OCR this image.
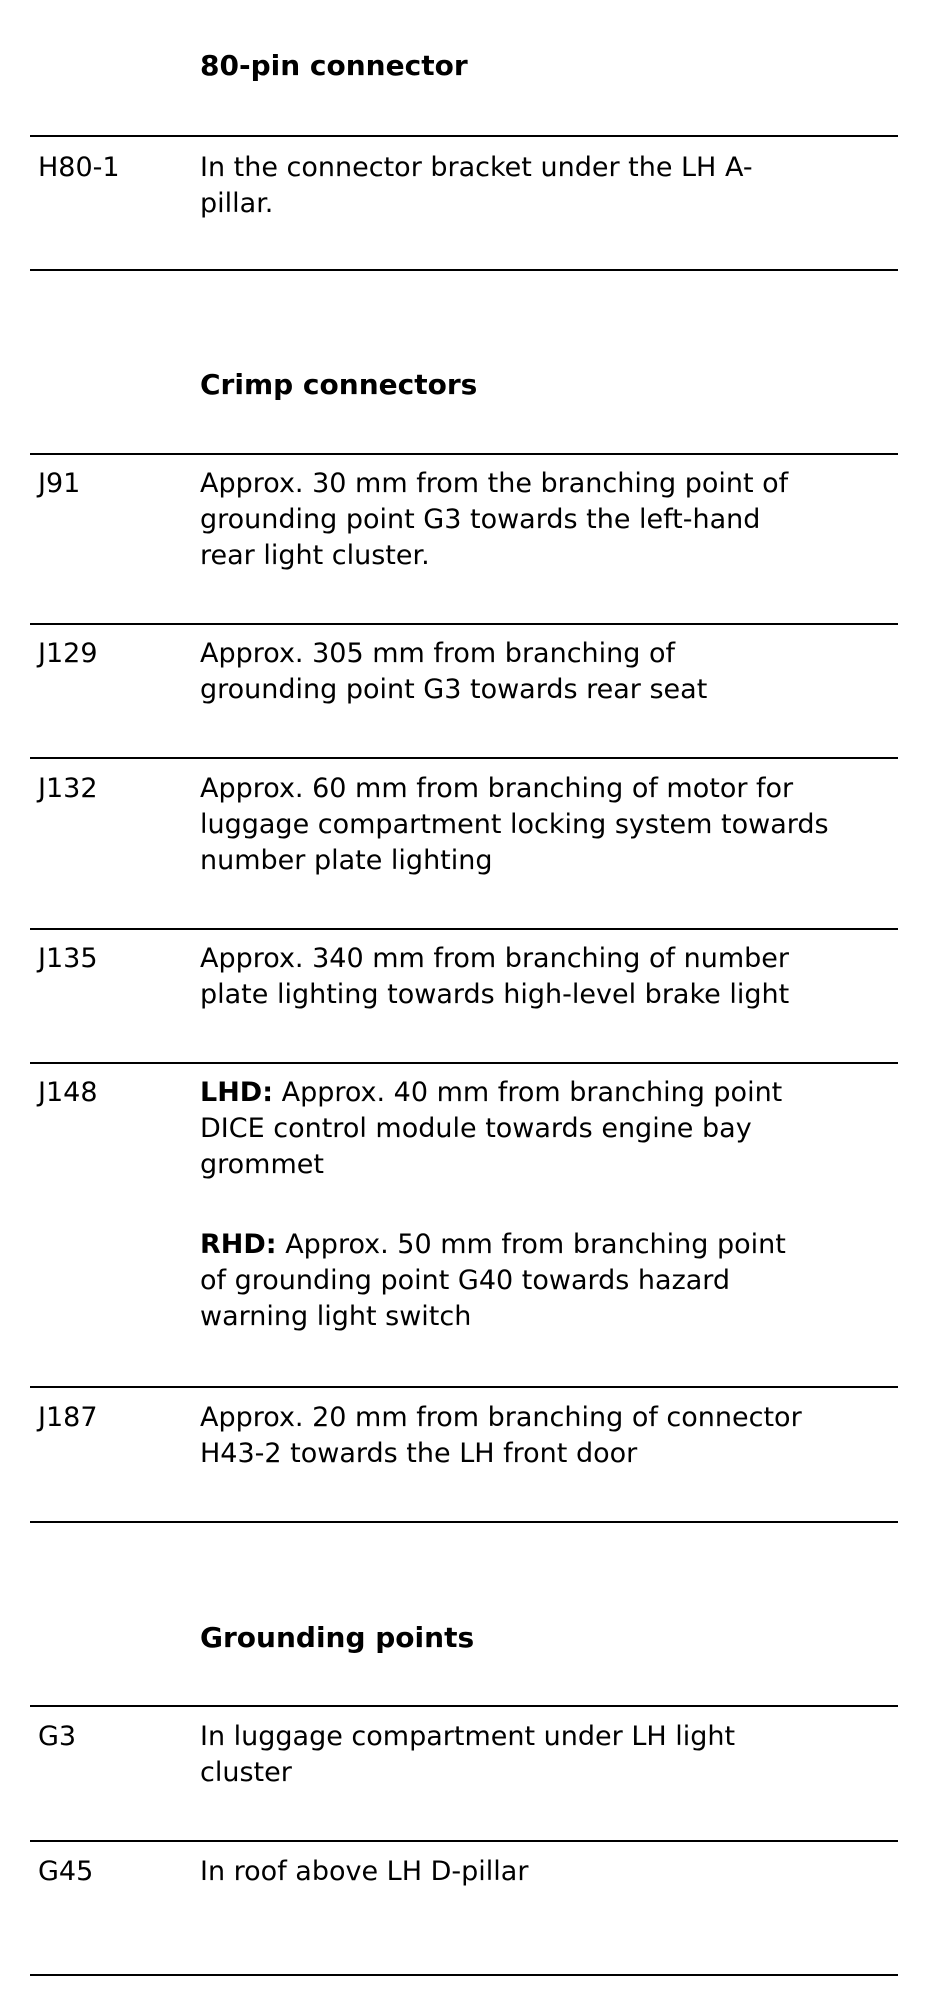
80-pin connector
H80-1	In the connector bracket under the LH A-
pillar.
Crimp connectors
J91	Approx. 30 mm from the branching point of
grounding point G3 towards the left-hand
rear light cluster.
J129	Approx. 305 mm from branching of
grounding point G3 towards rear seat
J132	Approx. 60 mm from branching of motor for
luggage compartment locking system towards
number plate lighting
J135	Approx. 340 mm from branching of number
plate lighting towards high-level brake light
J148	LHD: Approx. 40 mm from branching point
DICE control module towards engine bay
grommet
RHD: Approx. 50 mm from branching point
of grounding point G40 towards hazard
warning light switch
J187	Approx. 20 mm from branching of connector
H43-2 towards the LH front door
Grounding points
G3	In luggage compartment under LH light
cluster
G45	In roof above LH D-pillar
